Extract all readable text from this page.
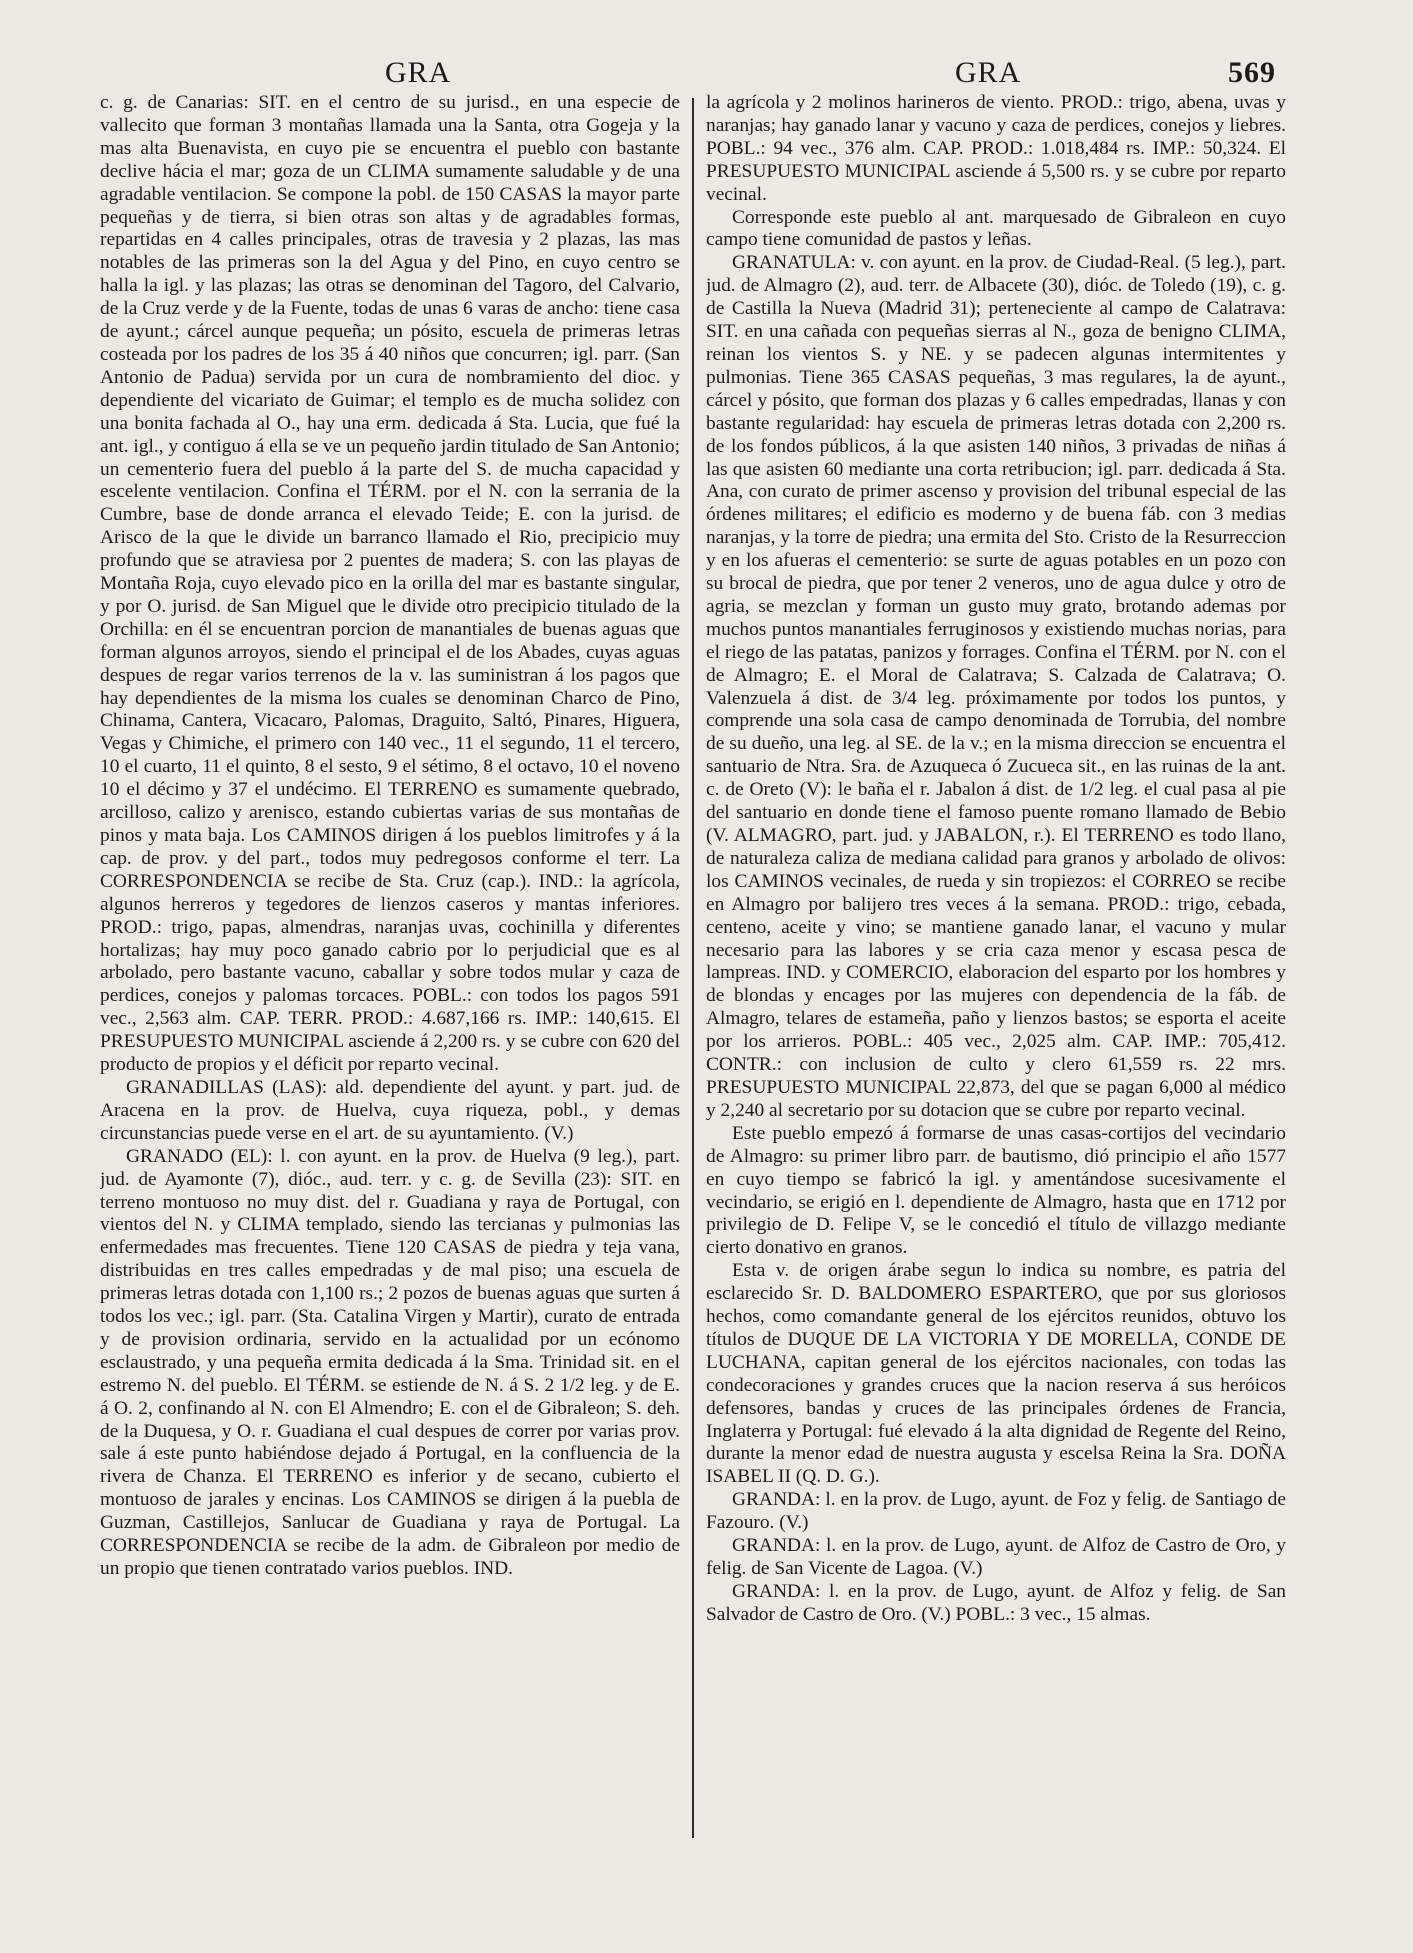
GRA	GRA	569

c. g. de Canarias: SIT. en el centro de su jurisd., en una especie de vallecito que forman 3 montañas llamada una la Santa, otra Gogeja y la mas alta Buenavista, en cuyo pie se encuentra el pueblo con bastante declive hácia el mar; goza de un CLIMA sumamente saludable y de una agradable ventilacion. Se compone la pobl. de 150 CASAS la mayor parte pequeñas y de tierra, si bien otras son altas y de agradables formas, repartidas en 4 calles principales, otras de travesia y 2 plazas, las mas notables de las primeras son la del Agua y del Pino, en cuyo centro se halla la igl. y las plazas; las otras se denominan del Tagoro, del Calvario, de la Cruz verde y de la Fuente, todas de unas 6 varas de ancho: tiene casa de ayunt.; cárcel aunque pequeña; un pósito, escuela de primeras letras costeada por los padres de los 35 á 40 niños que concurren; igl. parr. (San Antonio de Padua) servida por un cura de nombramiento del dioc. y dependiente del vicariato de Guimar; el templo es de mucha solidez con una bonita fachada al O., hay una erm. dedicada á Sta. Lucia, que fué la ant. igl., y contiguo á ella se ve un pequeño jardin titulado de San Antonio; un cementerio fuera del pueblo á la parte del S. de mucha capacidad y escelente ventilacion. Confina el TÉRM. por el N. con la serrania de la Cumbre, base de donde arranca el elevado Teide; E. con la jurisd. de Arisco de la que le divide un barranco llamado el Rio, precipicio muy profundo que se atraviesa por 2 puentes de madera; S. con las playas de Montaña Roja, cuyo elevado pico en la orilla del mar es bastante singular, y por O. jurisd. de San Miguel que le divide otro precipicio titulado de la Orchilla: en él se encuentran porcion de manantiales de buenas aguas que forman algunos arroyos, siendo el principal el de los Abades, cuyas aguas despues de regar varios terrenos de la v. las suministran á los pagos que hay dependientes de la misma los cuales se denominan Charco de Pino, Chinama, Cantera, Vicacaro, Palomas, Draguito, Saltó, Pinares, Higuera, Vegas y Chimiche, el primero con 140 vec., 11 el segundo, 11 el tercero, 10 el cuarto, 11 el quinto, 8 el sesto, 9 el sétimo, 8 el octavo, 10 el noveno 10 el décimo y 37 el undécimo. El TERRENO es sumamente quebrado, arcilloso, calizo y arenisco, estando cubiertas varias de sus montañas de pinos y mata baja. Los CAMINOS dirigen á los pueblos limitrofes y á la cap. de prov. y del part., todos muy pedregosos conforme el terr. La CORRESPONDENCIA se recibe de Sta. Cruz (cap.). IND.: la agrícola, algunos herreros y tegedores de lienzos caseros y mantas inferiores. PROD.: trigo, papas, almendras, naranjas uvas, cochinilla y diferentes hortalizas; hay muy poco ganado cabrio por lo perjudicial que es al arbolado, pero bastante vacuno, caballar y sobre todos mular y caza de perdices, conejos y palomas torcaces. POBL.: con todos los pagos 591 vec., 2,563 alm. CAP. TERR. PROD.: 4.687,166 rs. IMP.: 140,615. El PRESUPUESTO MUNICIPAL asciende á 2,200 rs. y se cubre con 620 del producto de propios y el déficit por reparto vecinal.

GRANADILLAS (LAS): ald. dependiente del ayunt. y part. jud. de Aracena en la prov. de Huelva, cuya riqueza, pobl., y demas circunstancias puede verse en el art. de su ayuntamiento. (V.)

GRANADO (EL): l. con ayunt. en la prov. de Huelva (9 leg.), part. jud. de Ayamonte (7), dióc., aud. terr. y c. g. de Sevilla (23): SIT. en terreno montuoso no muy dist. del r. Guadiana y raya de Portugal, con vientos del N. y CLIMA templado, siendo las tercianas y pulmonias las enfermedades mas frecuentes. Tiene 120 CASAS de piedra y teja vana, distribuidas en tres calles empedradas y de mal piso; una escuela de primeras letras dotada con 1,100 rs.; 2 pozos de buenas aguas que surten á todos los vec.; igl. parr. (Sta. Catalina Virgen y Martir), curato de entrada y de provision ordinaria, servido en la actualidad por un ecónomo esclaustrado, y una pequeña ermita dedicada á la Sma. Trinidad sit. en el estremo N. del pueblo. El TÉRM. se estiende de N. á S. 2 1/2 leg. y de E. á O. 2, confinando al N. con El Almendro; E. con el de Gibraleon; S. deh. de la Duquesa, y O. r. Guadiana el cual despues de correr por varias prov. sale á este punto habiéndose dejado á Portugal, en la confluencia de la rivera de Chanza. El TERRENO es inferior y de secano, cubierto el montuoso de jarales y encinas. Los CAMINOS se dirigen á la puebla de Guzman, Castillejos, Sanlucar de Guadiana y raya de Portugal. La CORRESPONDENCIA se recibe de la adm. de Gibraleon por medio de un propio que tienen contratado varios pueblos. IND.

la agrícola y 2 molinos harineros de viento. PROD.: trigo, abena, uvas y naranjas; hay ganado lanar y vacuno y caza de perdices, conejos y liebres. POBL.: 94 vec., 376 alm. CAP. PROD.: 1.018,484 rs. IMP.: 50,324. El PRESUPUESTO MUNICIPAL asciende á 5,500 rs. y se cubre por reparto vecinal.

Corresponde este pueblo al ant. marquesado de Gibraleon en cuyo campo tiene comunidad de pastos y leñas.

GRANATULA: v. con ayunt. en la prov. de Ciudad-Real. (5 leg.), part. jud. de Almagro (2), aud. terr. de Albacete (30), dióc. de Toledo (19), c. g. de Castilla la Nueva (Madrid 31); perteneciente al campo de Calatrava: SIT. en una cañada con pequeñas sierras al N., goza de benigno CLIMA, reinan los vientos S. y NE. y se padecen algunas intermitentes y pulmonias. Tiene 365 CASAS pequeñas, 3 mas regulares, la de ayunt., cárcel y pósito, que forman dos plazas y 6 calles empedradas, llanas y con bastante regularidad: hay escuela de primeras letras dotada con 2,200 rs. de los fondos públicos, á la que asisten 140 niños, 3 privadas de niñas á las que asisten 60 mediante una corta retribucion; igl. parr. dedicada á Sta. Ana, con curato de primer ascenso y provision del tribunal especial de las órdenes militares; el edificio es moderno y de buena fáb. con 3 medias naranjas, y la torre de piedra; una ermita del Sto. Cristo de la Resurreccion y en los afueras el cementerio: se surte de aguas potables en un pozo con su brocal de piedra, que por tener 2 veneros, uno de agua dulce y otro de agria, se mezclan y forman un gusto muy grato, brotando ademas por muchos puntos manantiales ferruginosos y existiendo muchas norias, para el riego de las patatas, panizos y forrages. Confina el TÉRM. por N. con el de Almagro; E. el Moral de Calatrava; S. Calzada de Calatrava; O. Valenzuela á dist. de 3/4 leg. próximamente por todos los puntos, y comprende una sola casa de campo denominada de Torrubia, del nombre de su dueño, una leg. al SE. de la v.; en la misma direccion se encuentra el santuario de Ntra. Sra. de Azuqueca ó Zucueca sit., en las ruinas de la ant. c. de Oreto (V): le baña el r. Jabalon á dist. de 1/2 leg. el cual pasa al pie del santuario en donde tiene el famoso puente romano llamado de Bebio (V. ALMAGRO, part. jud. y JABALON, r.). El TERRENO es todo llano, de naturaleza caliza de mediana calidad para granos y arbolado de olivos: los CAMINOS vecinales, de rueda y sin tropiezos: el CORREO se recibe en Almagro por balijero tres veces á la semana. PROD.: trigo, cebada, centeno, aceite y vino; se mantiene ganado lanar, el vacuno y mular necesario para las labores y se cria caza menor y escasa pesca de lampreas. IND. y COMERCIO, elaboracion del esparto por los hombres y de blondas y encages por las mujeres con dependencia de la fáb. de Almagro, telares de estameña, paño y lienzos bastos; se esporta el aceite por los arrieros. POBL.: 405 vec., 2,025 alm. CAP. IMP.: 705,412. CONTR.: con inclusion de culto y clero 61,559 rs. 22 mrs. PRESUPUESTO MUNICIPAL 22,873, del que se pagan 6,000 al médico y 2,240 al secretario por su dotacion que se cubre por reparto vecinal.

Este pueblo empezó á formarse de unas casas-cortijos del vecindario de Almagro: su primer libro parr. de bautismo, dió principio el año 1577 en cuyo tiempo se fabricó la igl. y amentándose sucesivamente el vecindario, se erigió en l. dependiente de Almagro, hasta que en 1712 por privilegio de D. Felipe V, se le concedió el título de villazgo mediante cierto donativo en granos.

Esta v. de origen árabe segun lo indica su nombre, es patria del esclarecido Sr. D. BALDOMERO ESPARTERO, que por sus gloriosos hechos, como comandante general de los ejércitos reunidos, obtuvo los títulos de DUQUE DE LA VICTORIA Y DE MORELLA, CONDE DE LUCHANA, capitan general de los ejércitos nacionales, con todas las condecoraciones y grandes cruces que la nacion reserva á sus heróicos defensores, bandas y cruces de las principales órdenes de Francia, Inglaterra y Portugal: fué elevado á la alta dignidad de Regente del Reino, durante la menor edad de nuestra augusta y escelsa Reina la Sra. DOÑA ISABEL II (Q. D. G.).

GRANDA: l. en la prov. de Lugo, ayunt. de Foz y felig. de Santiago de Fazouro. (V.)

GRANDA: l. en la prov. de Lugo, ayunt. de Alfoz de Castro de Oro, y felig. de San Vicente de Lagoa. (V.)

GRANDA: l. en la prov. de Lugo, ayunt. de Alfoz y felig. de San Salvador de Castro de Oro. (V.) POBL.: 3 vec., 15 almas.
